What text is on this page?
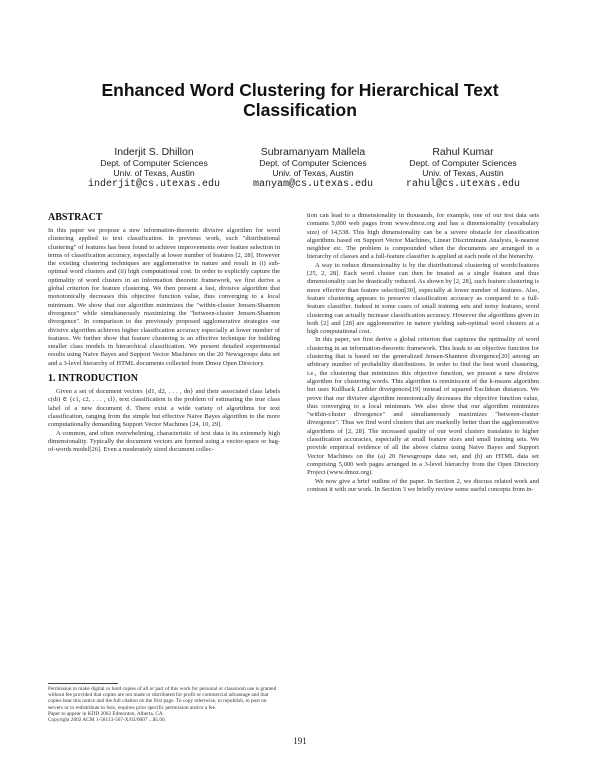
Enhanced Word Clustering for Hierarchical Text Classification
Inderjit S. Dhillon
Dept. of Computer Sciences
Univ. of Texas, Austin
inderjit@cs.utexas.edu
Subramanyam Mallela
Dept. of Computer Sciences
Univ. of Texas, Austin
manyam@cs.utexas.edu
Rahul Kumar
Dept. of Computer Sciences
Univ. of Texas, Austin
rahul@cs.utexas.edu
ABSTRACT

In this paper we propose a new information-theoretic divisive algorithm for word clustering applied to text classification. In previous work, such "distributional clustering" of features has been found to achieve improvements over feature selection in terms of classification accuracy, especially at lower number of features [2, 28]. However the existing clustering techniques are agglomerative in nature and result in (i) sub-optimal word clusters and (ii) high computational cost. In order to explicitly capture the optimality of word clusters in an information theoretic framework, we first derive a global criterion for feature clustering. We then present a fast, divisive algorithm that monotonically decreases this objective function value, thus converging to a local minimum. We show that our algorithm minimizes the "within-cluster Jensen-Shannon divergence" while simultaneously maximizing the "between-cluster Jensen-Shannon divergence". In comparison to the previously proposed agglomerative strategies our divisive algorithm achieves higher classification accuracy especially at lower number of features. We further show that feature clustering is an effective technique for building smaller class models in hierarchical classification. We present detailed experimental results using Naive Bayes and Support Vector Machines on the 20 Newsgroups data set and a 3-level hierarchy of HTML documents collected from Dmoz Open Directory.

1. INTRODUCTION

Given a set of document vectors {d1, d2, . . . , dn} and their associated class labels c(di) ∈ {c1, c2, . . . , cl}, text classification is the problem of estimating the true class label of a new document d. There exist a wide variety of algorithms for text classification, ranging from the simple but effective Naive Bayes algorithm to the more computationally demanding Support Vector Machines [24, 10, 29].

A common, and often overwhelming, characteristic of text data is its extremely high dimensionality. Typically the document vectors are formed using a vector-space or bag-of-words model[26]. Even a moderately sized document collec-

tion can lead to a dimensionality in thousands, for example, one of our test data sets contains 5,000 web pages from www.dmoz.org and has a dimensionality (vocabulary size) of 14,538. This high dimensionality can be a severe obstacle for classification algorithms based on Support Vector Machines, Linear Discriminant Analysis, k-nearest neighbor etc. The problem is compounded when the documents are arranged in a hierarchy of classes and a full-feature classifier is applied at each node of the hierarchy.

A way to reduce dimensionality is by the distributional clustering of words/features [25, 2, 28]. Each word cluster can then be treated as a single feature and thus dimensionality can be drastically reduced. As shown by [2, 28], such feature clustering is more effective than feature selection[30], especially at lower number of features. Also, feature clustering appears to preserve classification accuracy as compared to a full-feature classifier. Indeed in some cases of small training sets and noisy features, word clustering can actually increase classification accuracy. However the algorithms given in both [2] and [28] are agglomerative in nature yielding sub-optimal word clusters at a high computational cost.

In this paper, we first derive a global criterion that captures the optimality of word clustering in an information-theoretic framework. This leads to an objective function for clustering that is based on the generalized Jensen-Shannon divergence[20] among an arbitrary number of probability distributions. In order to find the best word clustering, i.e., the clustering that minimizes this objective function, we present a new divisive algorithm for clustering words. This algorithm is reminiscent of the k-means algorithm but uses Kullback Leibler divergences[19] instead of squared Euclidean distances. We prove that our divisive algorithm monotonically decreases the objective function value, thus converging to a local minimum. We also show that our algorithm minimizes "within-cluster divergence" and simultaneously maximizes "between-cluster divergence". Thus we find word clusters that are markedly better than the agglomerative algorithms of [2, 28]. The increased quality of our word clusters translates to higher classification accuracies, especially at small feature sizes and small training sets. We provide empirical evidence of all the above claims using Naive Bayes and Support Vector Machines on the (a) 20 Newsgroups data set, and (b) an HTML data set comprising 5,000 web pages arranged in a 3-level hierarchy from the Open Directory Project (www.dmoz.org).

We now give a brief outline of the paper. In Section 2, we discuss related work and contrast it with our work. In Section 3 we briefly review some useful concepts from in-

Permission to make digital or hard copies of all or part of this work for personal or classroom use is granted without fee provided that copies are not made or distributed for profit or commercial advantage and that copies bear this notice and the full citation on the first page. To copy otherwise, to republish, to post on servers or to redistribute to lists, requires prior specific permission and/or a fee.
Paper to appear in KDD 2002 Edmonton, Alberta, CA.
Copyright 2002 ACM 1-58113-567-X/02/0007 ...$5.00.
191
